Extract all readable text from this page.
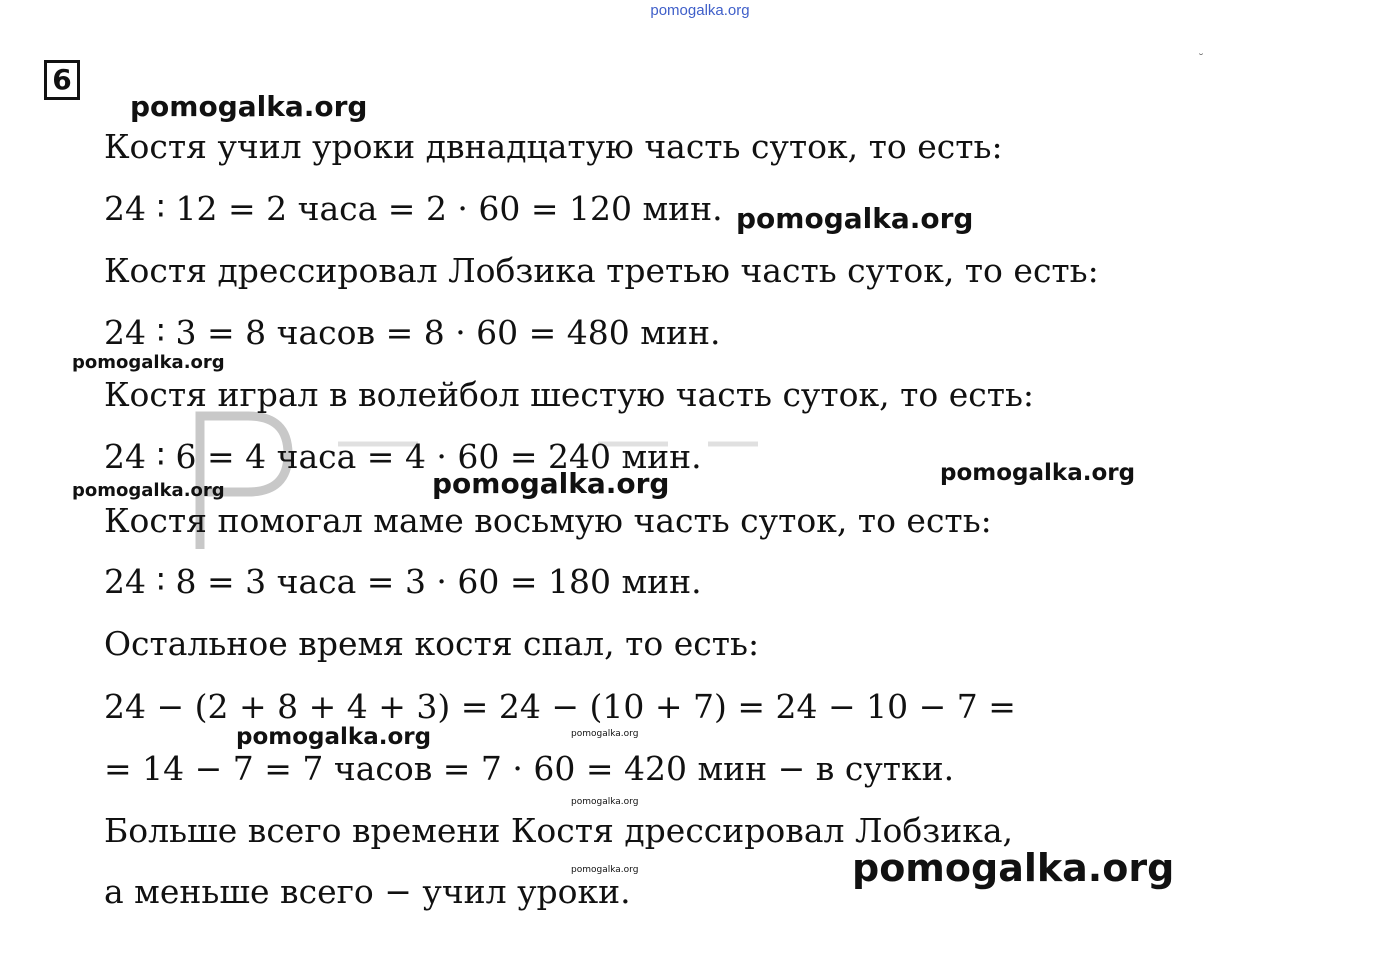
pomogalka.org
6
˘
Костя учил уроки двнадцатую часть суток, то есть:
24 ∶ 12 = 2 часа = 2 · 60 = 120 мин.
Костя дрессировал Лобзика третью часть суток, то есть:
24 ∶ 3 = 8 часов = 8 · 60 = 480 мин.
Костя играл в волейбол шестую часть суток, то есть:
24 ∶ 6 = 4 часа = 4 · 60 = 240 мин.
Костя помогал маме восьмую часть суток, то есть:
24 ∶ 8 = 3 часа = 3 · 60 = 180 мин.
Остальное время костя спал, то есть:
24 − (2 + 8 + 4 + 3) = 24 − (10 + 7) = 24 − 10 − 7 =
= 14 − 7 = 7 часов = 7 · 60 = 420 мин − в сутки.
Больше всего времени Костя дрессировал Лобзика,
а меньше всего − учил уроки.
pomogalka.org
pomogalka.org
pomogalka.org
pomogalka.org	pomogalka.org	pomogalka.org
pomogalka.org	pomogalka.org
pomogalka.org
pomogalka.org	pomogalka.org
